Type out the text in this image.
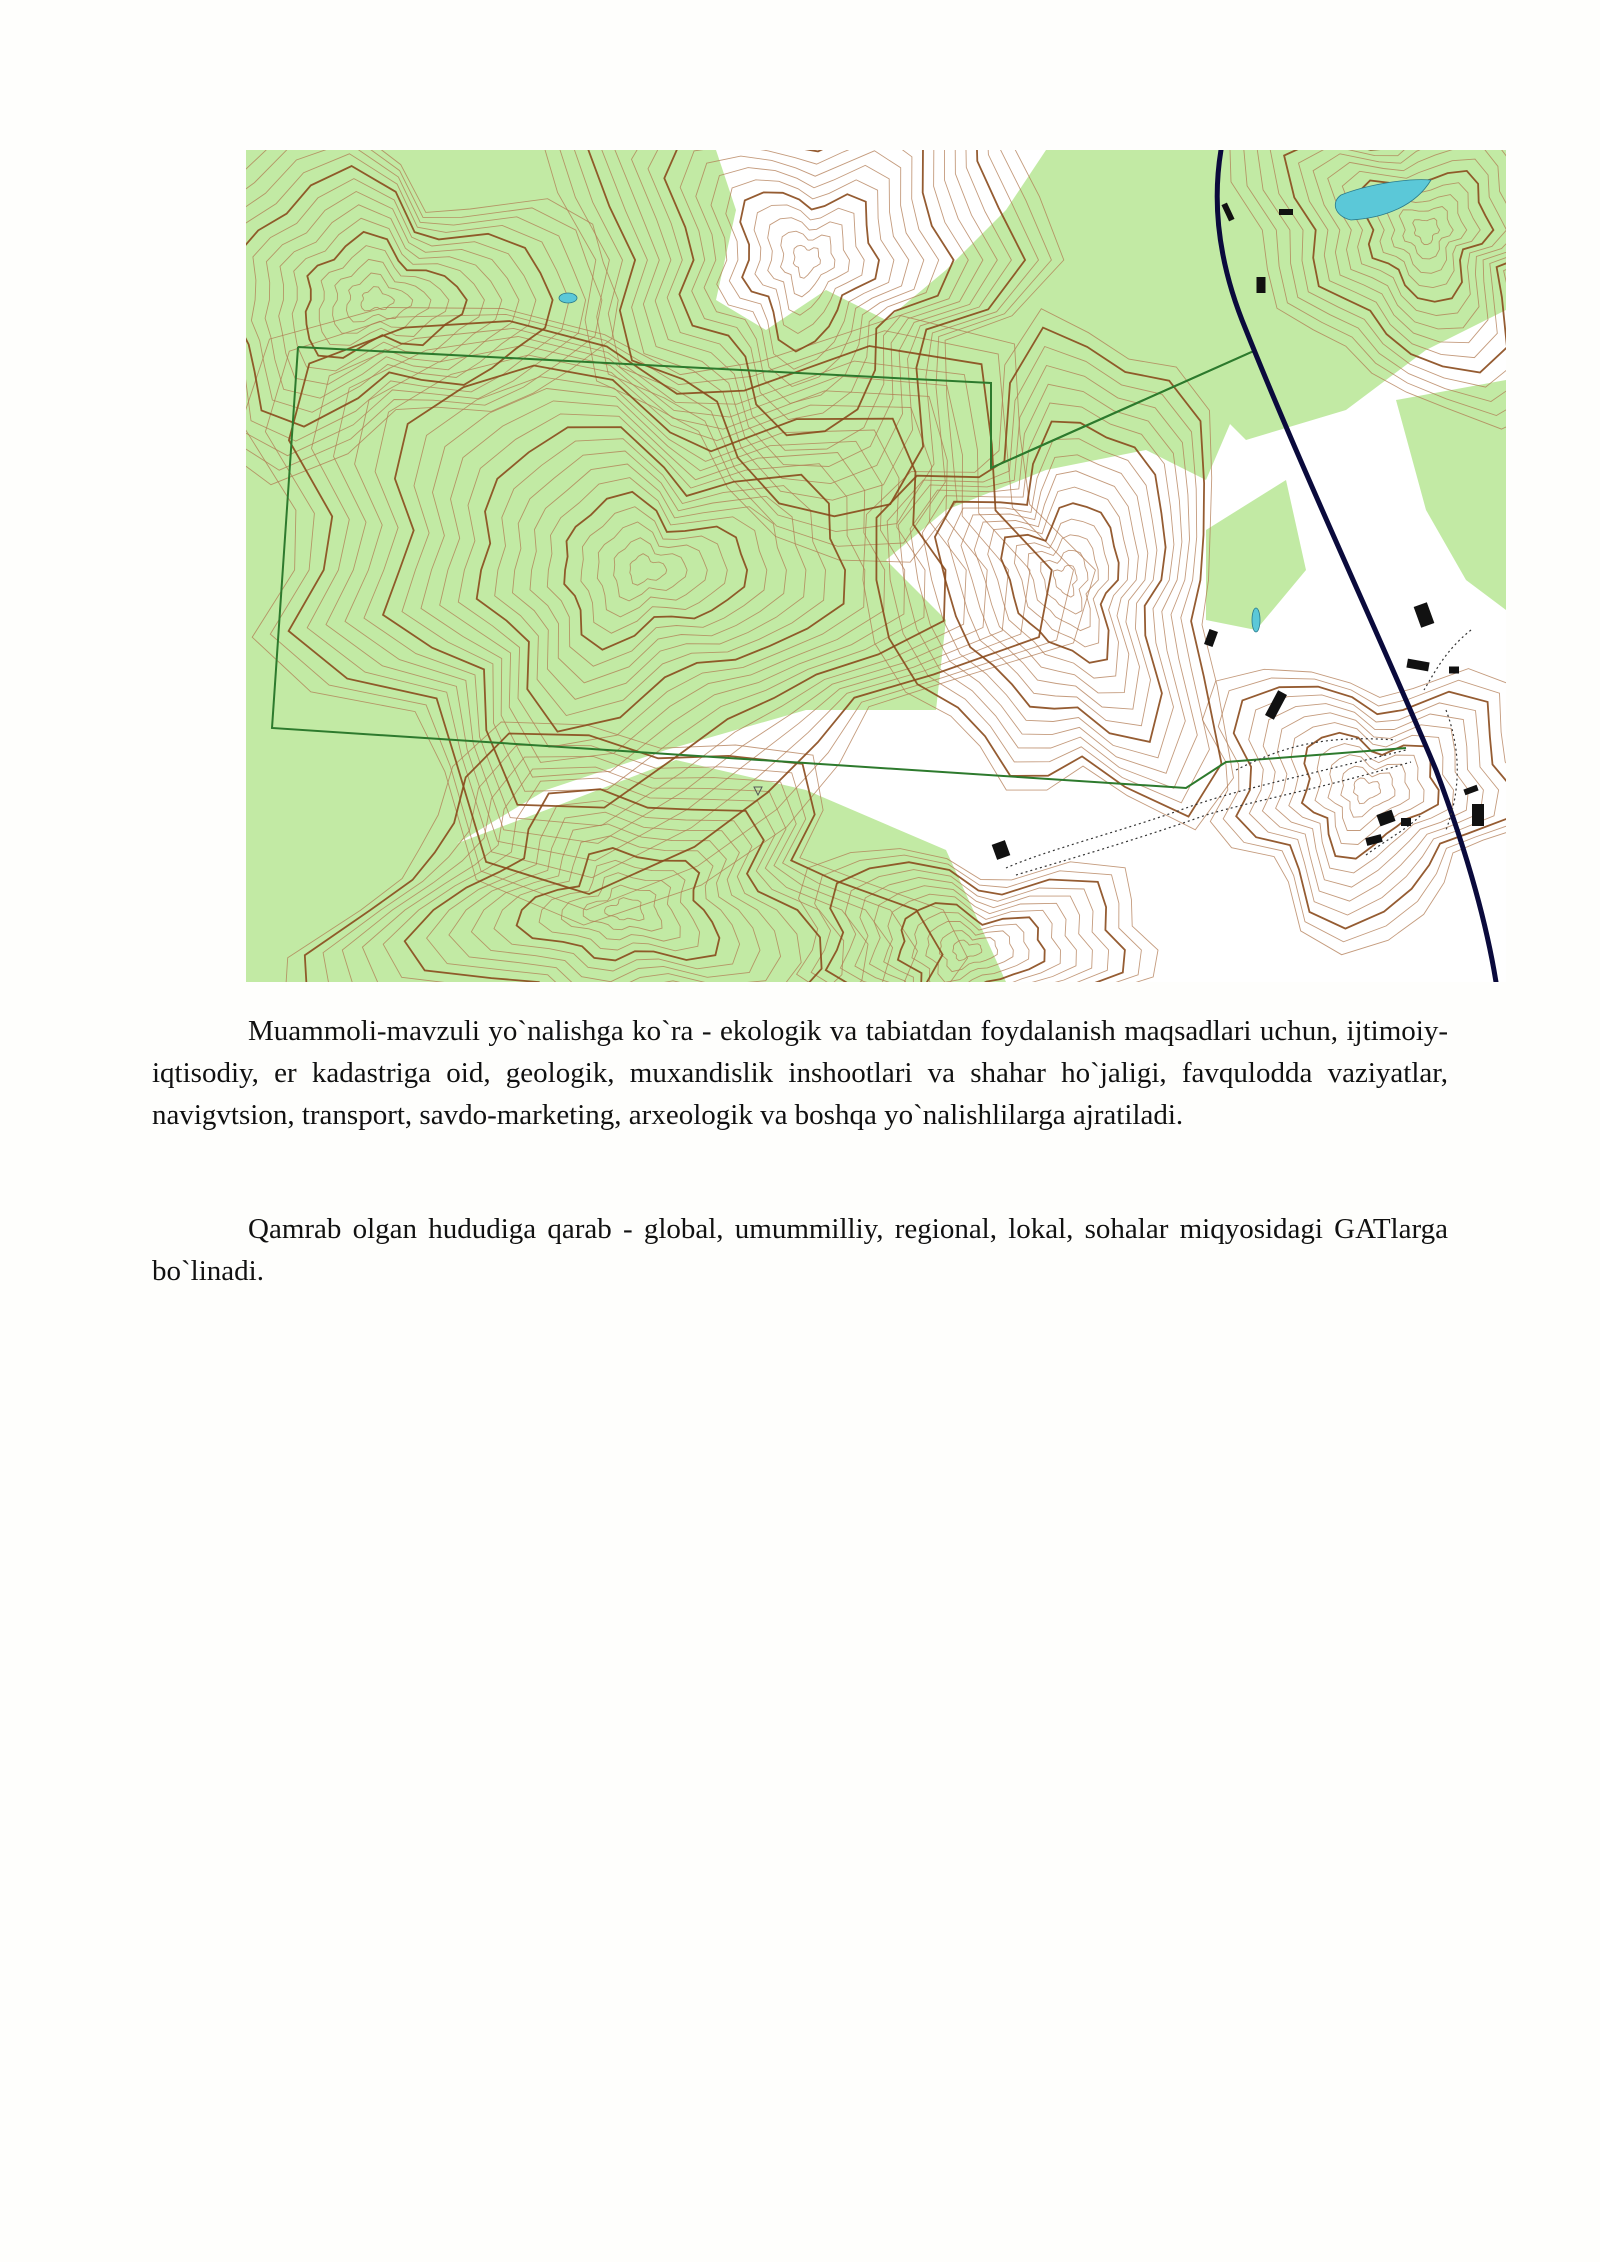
Muammoli-mavzuli yo`nalishga ko`ra - ekologik va tabiatdan foydalanish maqsadlari uchun, ijtimoiy-iqtisodiy, er kadastriga oid, geologik, muxandislik inshootlari va shahar ho`jaligi, favqulodda vaziyatlar, navigvtsion, transport, savdo-marketing, arxeologik va boshqa yo`nalishlilarga ajratiladi.

Qamrab olgan hududiga qarab - global, umummilliy, regional, lokal, sohalar miqyosidagi GATlarga bo`linadi.
